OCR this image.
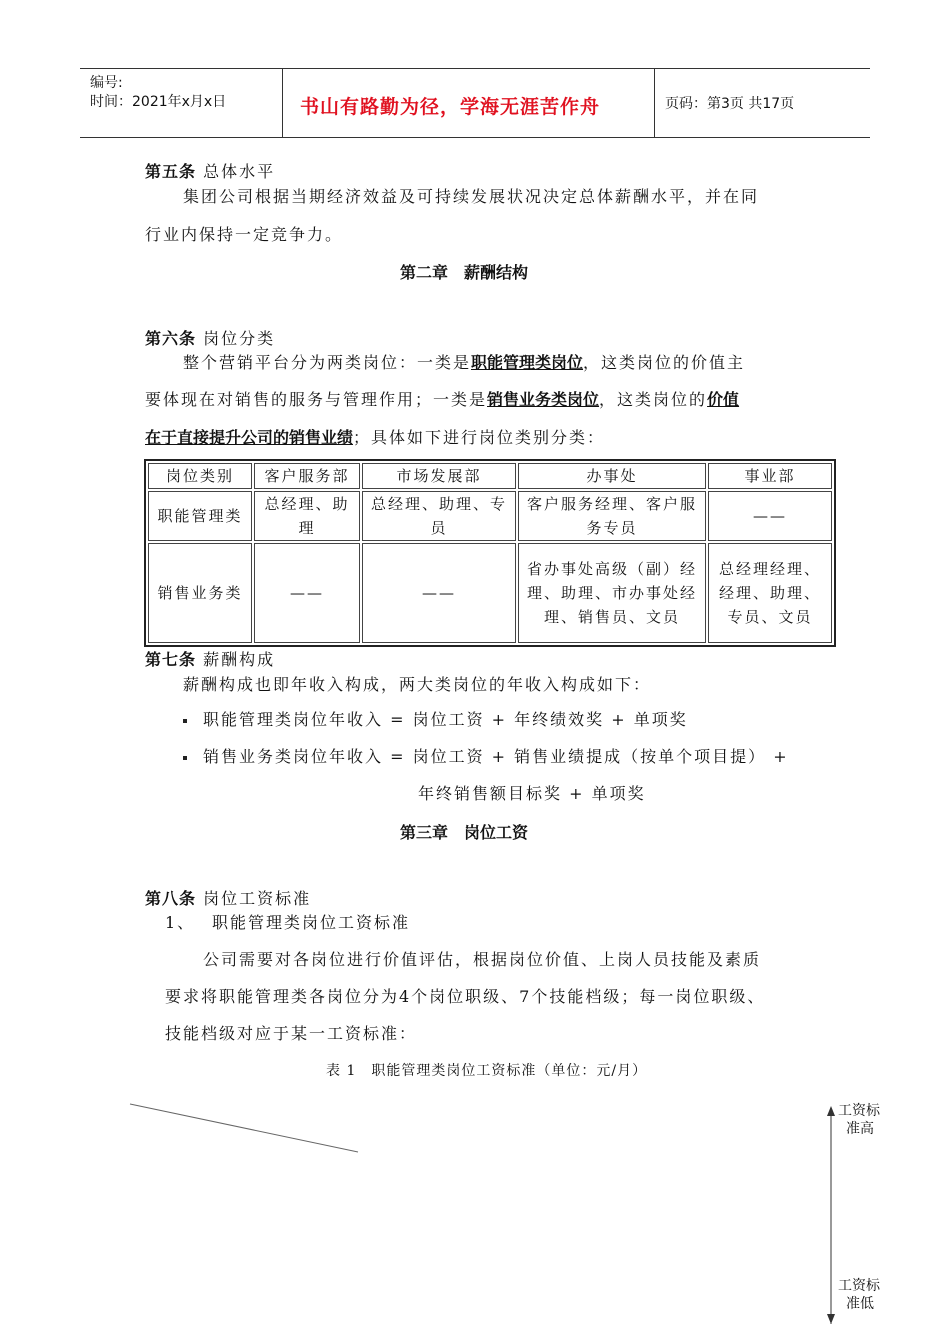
编号:
时间：2021年x月x日	书山有路勤为径，学海无涯苦作舟	页码：第3页 共17页
第五条 总体水平
集团公司根据当期经济效益及可持续发展状况决定总体薪酬水平，并在同
行业内保持一定竞争力。
第二章　薪酬结构
第六条 岗位分类
整个营销平台分为两类岗位：一类是职能管理类岗位，这类岗位的价值主
要体现在对销售的服务与管理作用；一类是销售业务类岗位，这类岗位的价值
在于直接提升公司的销售业绩；具体如下进行岗位类别分类：
岗位类别	客户服务部	市场发展部	办事处	事业部
职能管理类	总经理、助理	总经理、助理、专员	客户服务经理、客户服务专员	——
销售业务类	——	——	省办事处高级（副）经理、助理、市办事处经理、销售员、文员	总经理经理、经理、助理、专员、文员
第七条 薪酬构成
薪酬构成也即年收入构成，两大类岗位的年收入构成如下：
职能管理类岗位年收入 = 岗位工资 + 年终绩效奖 + 单项奖
销售业务类岗位年收入 = 岗位工资 + 销售业绩提成（按单个项目提） +
年终销售额目标奖 + 单项奖
第三章　岗位工资
第八条 岗位工资标准
1、 职能管理类岗位工资标准
公司需要对各岗位进行价值评估，根据岗位价值、上岗人员技能及素质
要求将职能管理类各岗位分为4个岗位职级、7个技能档级；每一岗位职级、
技能档级对应于某一工资标准：
表 1　职能管理类岗位工资标准（单位：元/月）
工资标
准高
工资标
准低
